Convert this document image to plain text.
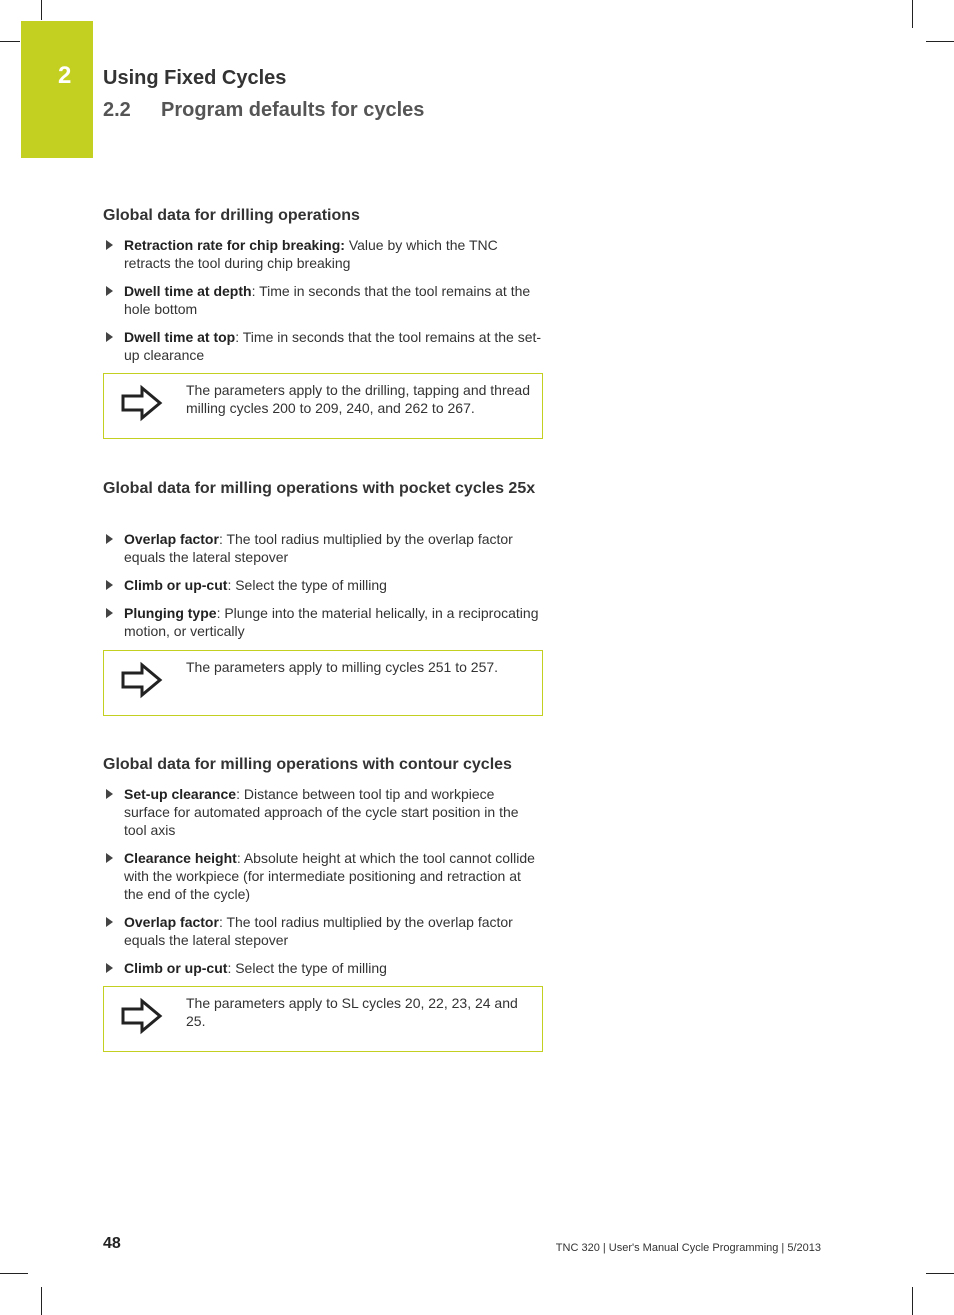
2 Using Fixed Cycles
2.2 Program defaults for cycles
Global data for drilling operations
Retraction rate for chip breaking: Value by which the TNC retracts the tool during chip breaking
Dwell time at depth: Time in seconds that the tool remains at the hole bottom
Dwell time at top: Time in seconds that the tool remains at the set-up clearance
The parameters apply to the drilling, tapping and thread milling cycles 200 to 209, 240, and 262 to 267.
Global data for milling operations with pocket cycles 25x
Overlap factor: The tool radius multiplied by the overlap factor equals the lateral stepover
Climb or up-cut: Select the type of milling
Plunging type: Plunge into the material helically, in a reciprocating motion, or vertically
The parameters apply to milling cycles 251 to 257.
Global data for milling operations with contour cycles
Set-up clearance: Distance between tool tip and workpiece surface for automated approach of the cycle start position in the tool axis
Clearance height: Absolute height at which the tool cannot collide with the workpiece (for intermediate positioning and retraction at the end of the cycle)
Overlap factor: The tool radius multiplied by the overlap factor equals the lateral stepover
Climb or up-cut: Select the type of milling
The parameters apply to SL cycles 20, 22, 23, 24 and 25.
48	TNC 320 | User's Manual Cycle Programming | 5/2013
